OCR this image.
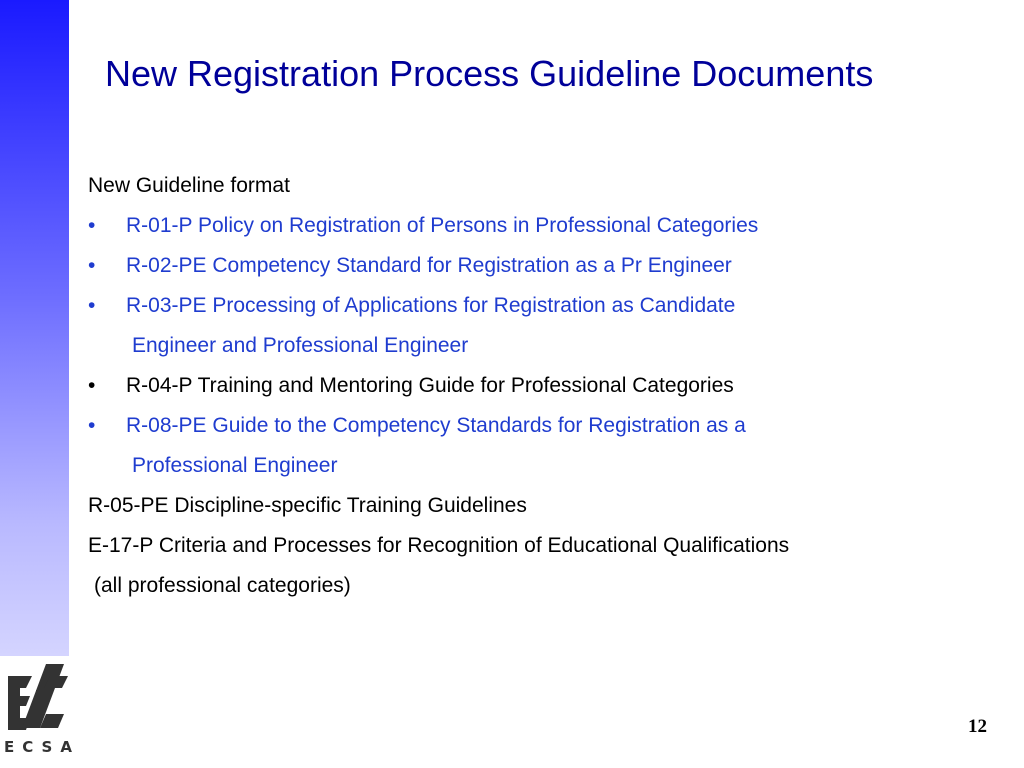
New Registration Process Guideline Documents
New Guideline format
• R-01-P Policy on Registration of Persons in Professional Categories
• R-02-PE Competency Standard for Registration as a Pr Engineer
• R-03-PE Processing of Applications for Registration as Candidate
Engineer and Professional Engineer
• R-04-P Training and Mentoring Guide for Professional Categories
• R-08-PE Guide to the Competency Standards for Registration as a
Professional Engineer
R-05-PE Discipline-specific Training Guidelines
E-17-P Criteria and Processes for Recognition of Educational Qualifications
(all professional categories)
ECSA
12
